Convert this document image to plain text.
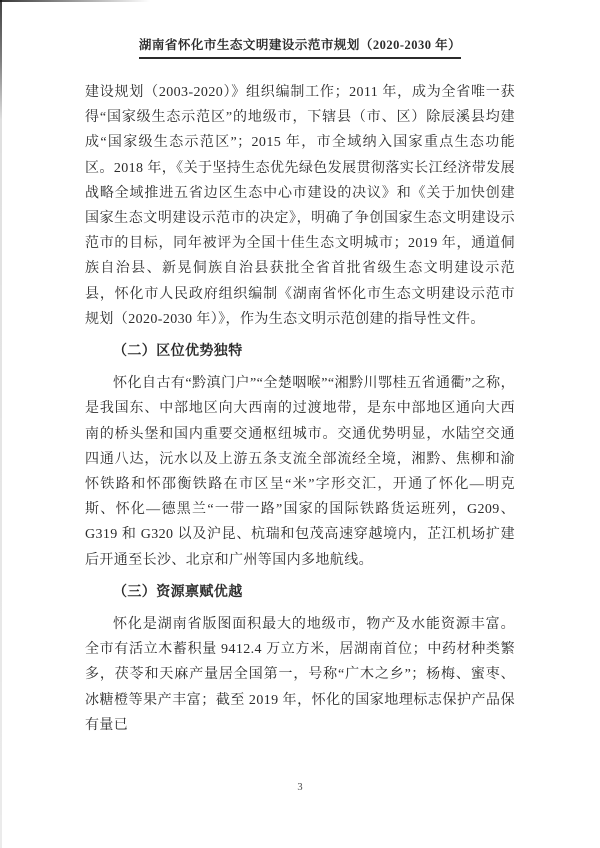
湖南省怀化市生态文明建设示范市规划（2020-2030 年）

建设规划（2003-2020）》组织编制工作；2011 年，成为全省唯一获得“国家级生态示范区”的地级市，下辖县（市、区）除辰溪县均建成“国家级生态示范区”；2015 年，市全域纳入国家重点生态功能区。2018 年，《关于坚持生态优先绿色发展贯彻落实长江经济带发展战略全域推进五省边区生态中心市建设的决议》和《关于加快创建国家生态文明建设示范市的决定》，明确了争创国家生态文明建设示范市的目标，同年被评为全国十佳生态文明城市；2019 年，通道侗族自治县、新晃侗族自治县获批全省首批省级生态文明建设示范县，怀化市人民政府组织编制《湖南省怀化市生态文明建设示范市规划（2020-2030 年）》，作为生态文明示范创建的指导性文件。

（二）区位优势独特

怀化自古有“黔滇门户”“全楚咽喉”“湘黔川鄂桂五省通衢”之称，是我国东、中部地区向大西南的过渡地带，是东中部地区通向大西南的桥头堡和国内重要交通枢纽城市。交通优势明显，水陆空交通四通八达，沅水以及上游五条支流全部流经全境，湘黔、焦柳和渝怀铁路和怀邵衡铁路在市区呈“米”字形交汇，开通了怀化—明克斯、怀化—德黑兰“一带一路”国家的国际铁路货运班列，G209、G319 和 G320 以及沪昆、杭瑞和包茂高速穿越境内，芷江机场扩建后开通至长沙、北京和广州等国内多地航线。

（三）资源禀赋优越

怀化是湖南省版图面积最大的地级市，物产及水能资源丰富。全市有活立木蓄积量 9412.4 万立方米，居湖南首位；中药材种类繁多，茯苓和天麻产量居全国第一，号称“广木之乡”；杨梅、蜜枣、冰糖橙等果产丰富；截至 2019 年，怀化的国家地理标志保护产品保有量已

3
